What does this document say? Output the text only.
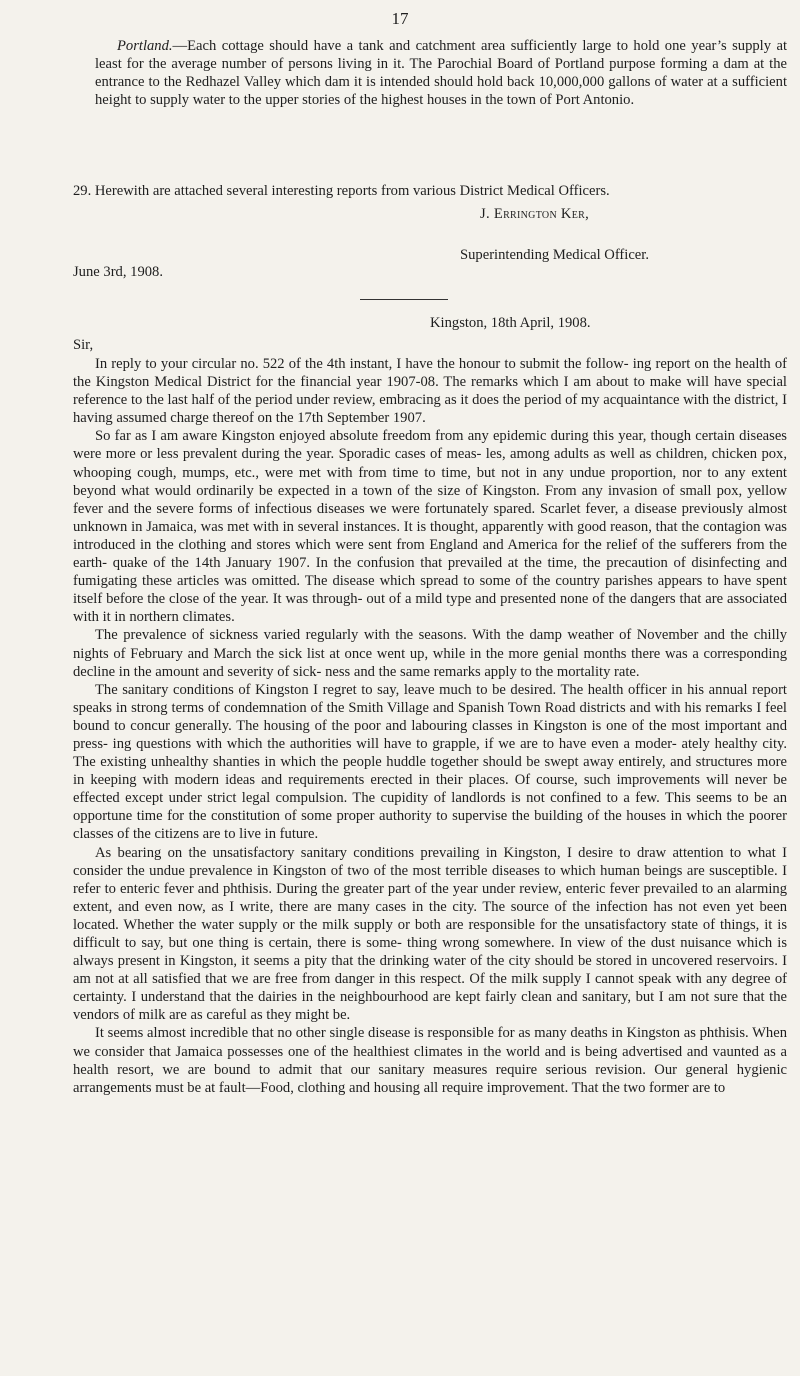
17

Portland.—Each cottage should have a tank and catchment area sufficiently large to hold one year’s supply at least for the average number of persons living in it. The Parochial Board of Portland purpose forming a dam at the entrance to the Redhazel Valley which dam it is intended should hold back 10,000,000 gallons of water at a sufficient height to supply water to the upper stories of the highest houses in the town of Port Antonio.

29. Herewith are attached several interesting reports from various District Medical Officers.

J. Errington Ker,
Superintending Medical Officer.
June 3rd, 1908.
Kingston, 18th April, 1908.
Sir,

In reply to your circular no. 522 of the 4th instant, I have the honour to submit the follow- ing report on the health of the Kingston Medical District for the financial year 1907-08. The remarks which I am about to make will have special reference to the last half of the period under review, embracing as it does the period of my acquaintance with the district, I having assumed charge thereof on the 17th September 1907.

So far as I am aware Kingston enjoyed absolute freedom from any epidemic during this year, though certain diseases were more or less prevalent during the year. Sporadic cases of meas- les, among adults as well as children, chicken pox, whooping cough, mumps, etc., were met with from time to time, but not in any undue proportion, nor to any extent beyond what would ordinarily be expected in a town of the size of Kingston. From any invasion of small pox, yellow fever and the severe forms of infectious diseases we were fortunately spared. Scarlet fever, a disease previously almost unknown in Jamaica, was met with in several instances. It is thought, apparently with good reason, that the contagion was introduced in the clothing and stores which were sent from England and America for the relief of the sufferers from the earth- quake of the 14th January 1907. In the confusion that prevailed at the time, the precaution of disinfecting and fumigating these articles was omitted. The disease which spread to some of the country parishes appears to have spent itself before the close of the year. It was through- out of a mild type and presented none of the dangers that are associated with it in northern climates.

The prevalence of sickness varied regularly with the seasons. With the damp weather of November and the chilly nights of February and March the sick list at once went up, while in the more genial months there was a corresponding decline in the amount and severity of sick- ness and the same remarks apply to the mortality rate.

The sanitary conditions of Kingston I regret to say, leave much to be desired. The health officer in his annual report speaks in strong terms of condemnation of the Smith Village and Spanish Town Road districts and with his remarks I feel bound to concur generally. The housing of the poor and labouring classes in Kingston is one of the most important and press- ing questions with which the authorities will have to grapple, if we are to have even a moder- ately healthy city. The existing unhealthy shanties in which the people huddle together should be swept away entirely, and structures more in keeping with modern ideas and requirements erected in their places. Of course, such improvements will never be effected except under strict legal compulsion. The cupidity of landlords is not confined to a few. This seems to be an opportune time for the constitution of some proper authority to supervise the building of the houses in which the poorer classes of the citizens are to live in future.

As bearing on the unsatisfactory sanitary conditions prevailing in Kingston, I desire to draw attention to what I consider the undue prevalence in Kingston of two of the most terrible diseases to which human beings are susceptible. I refer to enteric fever and phthisis. During the greater part of the year under review, enteric fever prevailed to an alarming extent, and even now, as I write, there are many cases in the city. The source of the infection has not even yet been located. Whether the water supply or the milk supply or both are responsible for the unsatisfactory state of things, it is difficult to say, but one thing is certain, there is some- thing wrong somewhere. In view of the dust nuisance which is always present in Kingston, it seems a pity that the drinking water of the city should be stored in uncovered reservoirs. I am not at all satisfied that we are free from danger in this respect. Of the milk supply I cannot speak with any degree of certainty. I understand that the dairies in the neighbourhood are kept fairly clean and sanitary, but I am not sure that the vendors of milk are as careful as they might be.

It seems almost incredible that no other single disease is responsible for as many deaths in Kingston as phthisis. When we consider that Jamaica possesses one of the healthiest climates in the world and is being advertised and vaunted as a health resort, we are bound to admit that our sanitary measures require serious revision. Our general hygienic arrangements must be at fault—Food, clothing and housing all require improvement. That the two former are to
